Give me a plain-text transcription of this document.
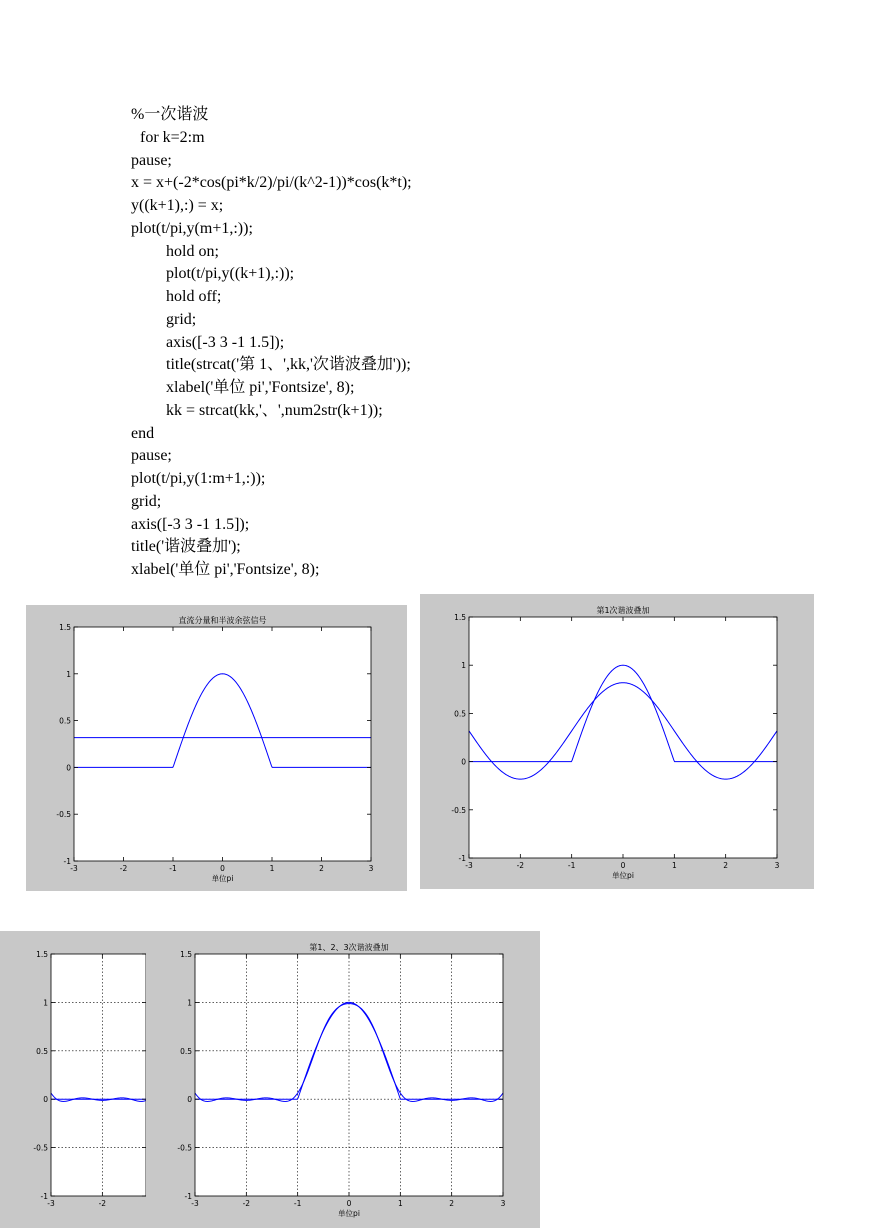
%一次谐波
for k=2:m
pause;
x = x+(-2*cos(pi*k/2)/pi/(k^2-1))*cos(k*t);
y((k+1),:) = x;
plot(t/pi,y(m+1,:));
hold on;
plot(t/pi,y((k+1),:));
hold off;
grid;
axis([-3 3 -1 1.5]);
title(strcat('第 1、',kk,'次谐波叠加'));
xlabel('单位 pi','Fontsize', 8);
kk = strcat(kk,'、',num2str(k+1));
end
pause;
plot(t/pi,y(1:m+1,:));
grid;
axis([-3 3 -1 1.5]);
title('谐波叠加');
xlabel('单位 pi','Fontsize', 8);
-3	-2	-1	0	1	2	3
-1
-0.5
0
0.5
1
1.5
直流分量和半波余弦信号
单位pi
-3	-2	-1	0	1	2	3
-1
-0.5
0
0.5
1
1.5
第1次谐波叠加
单位pi
-3	-2
-1
-0.5
0
0.5
1
1.5
-3	-2	-1	0	1	2	3
-1
-0.5
0
0.5
1
1.5
第1、2、3次谐波叠加
单位pi
